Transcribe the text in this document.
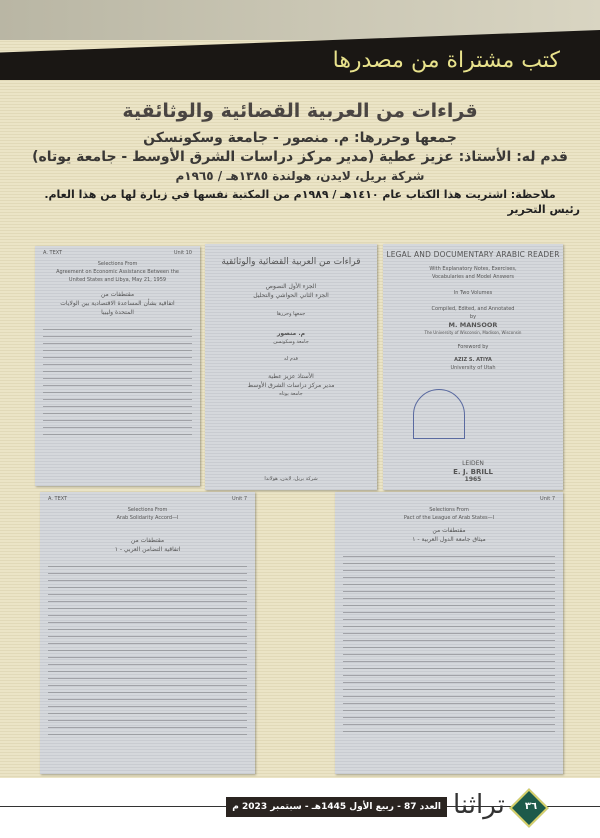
كتب مشتراة من مصدرها
قراءات من العربية القضائية والوثائقية
جمعها وحررها: م. منصور - جامعة وسكونسكن
قدم له: الأستاذ: عزيز عطية (مدير مركز دراسات الشرق الأوسط - جامعة يوتاه)
شركة بريل، لايدن، هولندة ١٣٨٥هـ / ١٩٦٥م
ملاحظة: اشتريت هذا الكتاب عام ١٤١٠هـ / ١٩٨٩م من المكتبة نفسها في زيارة لها من هذا العام.
رئيس التحرير
A. TEXT	Unit 10
Selections From
Agreement on Economic Assistance Between the United States and Libya, May 21, 1959
مقتطفات من
اتفاقية بشأن المساعدة الاقتصادية بين الولايات المتحدة وليبيا
قراءات من العربية القضائية والوثائقية
الجزء الأول النصوص
الجزء الثاني الحواشي والتحليل
جمعها وحررها
م. منصور
جامعة وسكونسن
قدم له
الأستاذ عزيز عطية
مدير مركز دراسات الشرق الأوسط
جامعة يوتاه
شركة بريل، لايدن، هولاندا
LEGAL AND DOCUMENTARY ARABIC READER
With Explanatory Notes, Exercises,
Vocabularies and Model Answers
In Two Volumes
Compiled, Edited, and Annotated
by
M. MANSOOR
The University of Wisconsin, Madison, Wisconsin
Foreword by
AZIZ S. ATIYA
University of Utah
LEIDEN
E. J. BRILL
1965
A. TEXT	Unit 7
Selections From
Arab Solidarity Accord—I
مقتطفات من
اتفاقية التضامن العربي - ١
Unit 7
Selections From
Pact of the League of Arab States—I
مقتطفات من
ميثاق جامعة الدول العربية - ١
العدد 87 - ربيع الأول 1445هـ - سبتمبر 2023 م تراثنا	٣٦
